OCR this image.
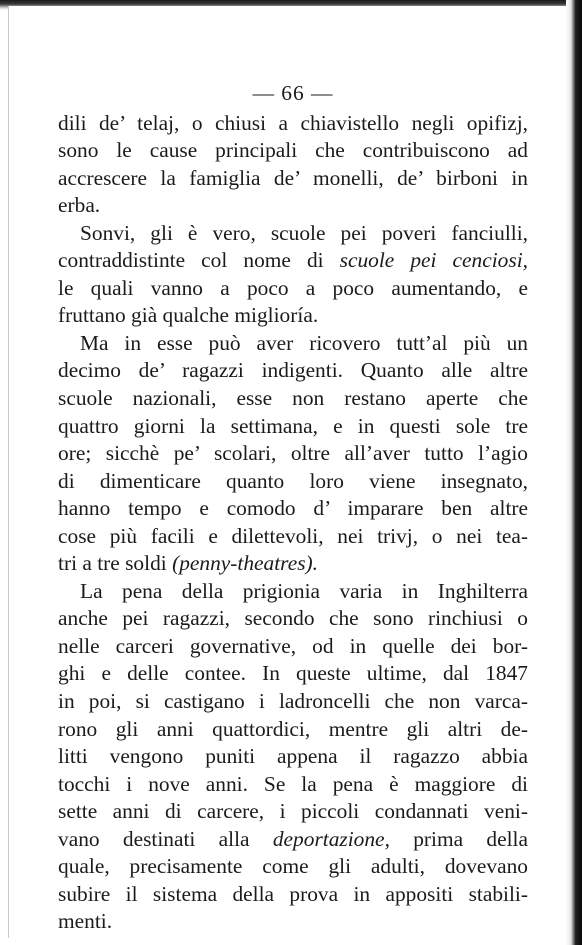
— 66 —
dili de’ telaj, o chiusi a chiavistello negli opifizj,
sono le cause principali che contribuiscono ad
accrescere la famiglia de’ monelli, de’ birboni in
erba.
Sonvi, gli è vero, scuole pei poveri fanciulli,
contraddistinte col nome di scuole pei cenciosi,
le quali vanno a poco a poco aumentando, e
fruttano già qualche miglioría.
Ma in esse può aver ricovero tutt’al più un
decimo de’ ragazzi indigenti. Quanto alle altre
scuole nazionali, esse non restano aperte che
quattro giorni la settimana, e in questi sole tre
ore; sicchè pe’ scolari, oltre all’aver tutto l’agio
di dimenticare quanto loro viene insegnato,
hanno tempo e comodo d’ imparare ben altre
cose più facili e dilettevoli, nei trivj, o nei tea-
tri a tre soldi (penny-theatres).
La pena della prigionia varia in Inghilterra
anche pei ragazzi, secondo che sono rinchiusi o
nelle carceri governative, od in quelle dei bor-
ghi e delle contee. In queste ultime, dal 1847
in poi, si castigano i ladroncelli che non varca-
rono gli anni quattordici, mentre gli altri de-
litti vengono puniti appena il ragazzo abbia
tocchi i nove anni. Se la pena è maggiore di
sette anni di carcere, i piccoli condannati veni-
vano destinati alla deportazione, prima della
quale, precisamente come gli adulti, dovevano
subire il sistema della prova in appositi stabili-
menti.
